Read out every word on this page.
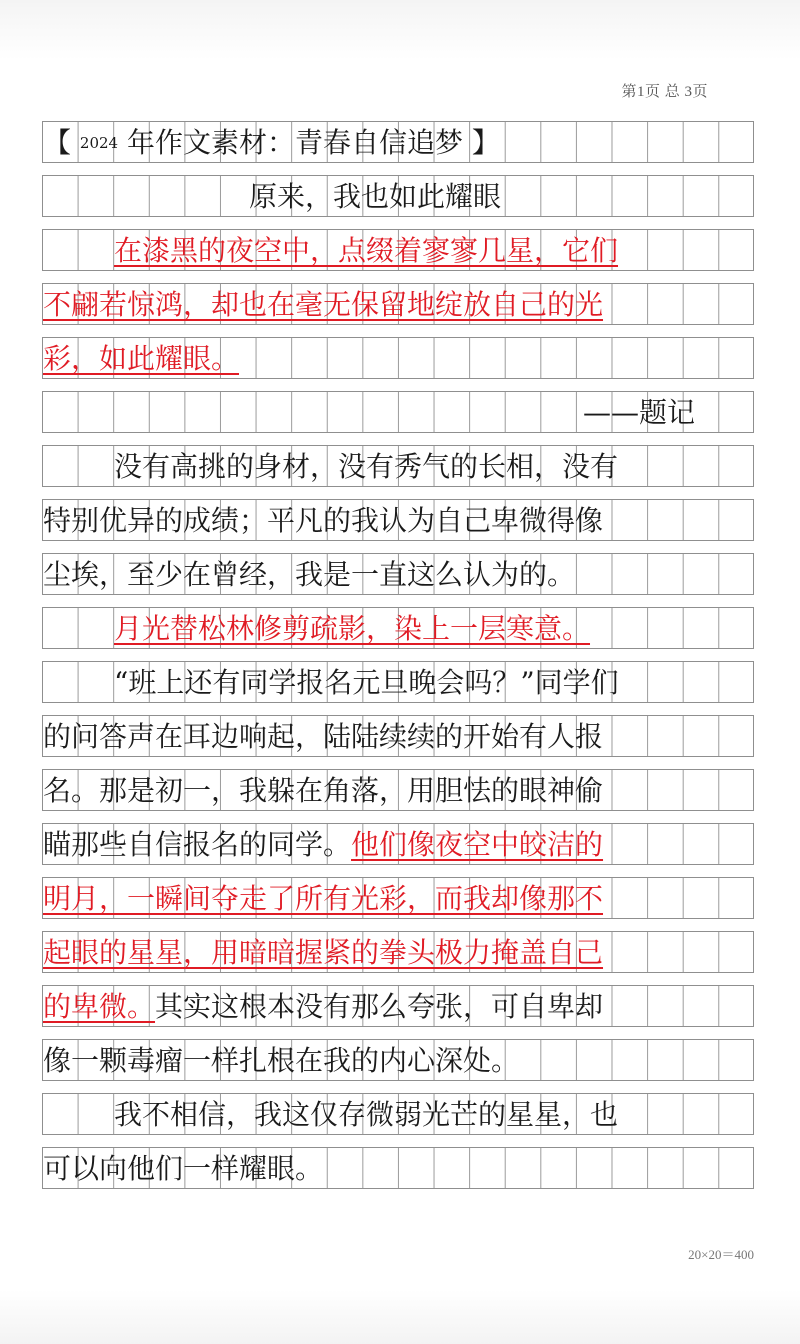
第1页 总 3页
【 2024 年作文素材：青春自信追梦 】
原来，我也如此耀眼
在漆黑的夜空中，点缀着寥寥几星，它们
不翩若惊鸿，却也在毫无保留地绽放自己的光
彩，如此耀眼。
——题记
没有高挑的身材，没有秀气的长相，没有
特别优异的成绩；平凡的我认为自己卑微得像
尘埃，至少在曾经，我是一直这么认为的。
月光替松林修剪疏影，染上一层寒意。
“班上还有同学报名元旦晚会吗？”同学们
的问答声在耳边响起，陆陆续续的开始有人报
名。那是初一，我躲在角落，用胆怯的眼神偷
瞄那些自信报名的同学。他们像夜空中皎洁的
明月，一瞬间夺走了所有光彩，而我却像那不
起眼的星星，用暗暗握紧的拳头极力掩盖自己
的卑微。其实这根本没有那么夸张，可自卑却
像一颗毒瘤一样扎根在我的内心深处。
我不相信，我这仅存微弱光芒的星星，也
可以向他们一样耀眼。
20×20＝400
